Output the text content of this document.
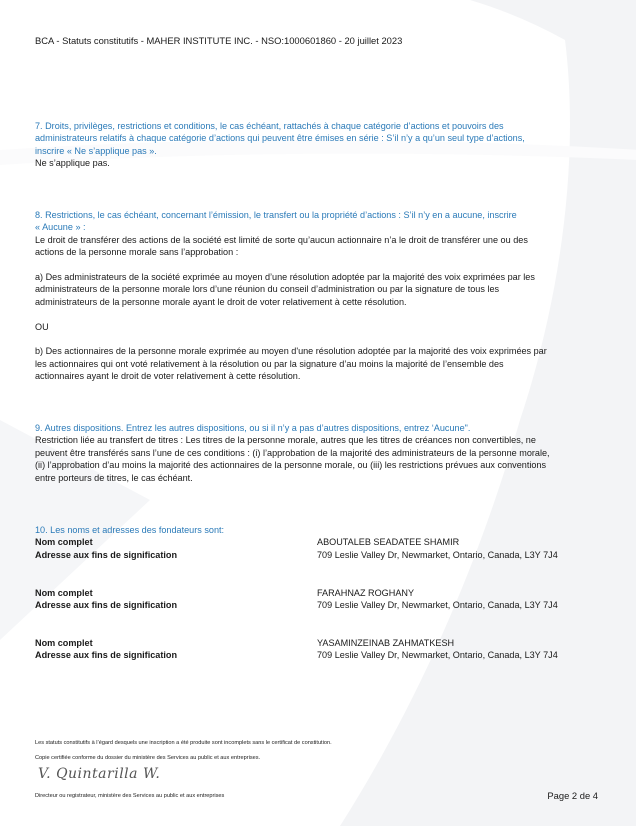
BCA - Statuts constitutifs - MAHER INSTITUTE INC. - NSO:1000601860 - 20 juillet 2023
7. Droits, privilèges, restrictions et conditions, le cas échéant, rattachés à chaque catégorie d’actions et pouvoirs des
administrateurs relatifs à chaque catégorie d’actions qui peuvent être émises en série : S’il n’y a qu’un seul type d’actions,
inscrire « Ne s’applique pas ».
Ne s’applique pas.
8. Restrictions, le cas échéant, concernant l’émission, le transfert ou la propriété d’actions : S’il n’y en a aucune, inscrire
« Aucune » :
Le droit de transférer des actions de la société est limité de sorte qu’aucun actionnaire n’a le droit de transférer une ou des
actions de la personne morale sans l’approbation :
a) Des administrateurs de la société exprimée au moyen d’une résolution adoptée par la majorité des voix exprimées par les
administrateurs de la personne morale lors d’une réunion du conseil d’administration ou par la signature de tous les
administrateurs de la personne morale ayant le droit de voter relativement à cette résolution.
OU
b) Des actionnaires de la personne morale exprimée au moyen d'une résolution adoptée par la majorité des voix exprimées par
les actionnaires qui ont voté relativement à la résolution ou par la signature d’au moins la majorité de l’ensemble des
actionnaires ayant le droit de voter relativement à cette résolution.
9. Autres dispositions. Entrez les autres dispositions, ou si il n’y a pas d’autres dispositions, entrez ‘Aucune".
Restriction liée au transfert de titres : Les titres de la personne morale, autres que les titres de créances non convertibles, ne
peuvent être transférés sans l’une de ces conditions : (i) l’approbation de la majorité des administrateurs de la personne morale,
(ii) l’approbation d’au moins la majorité des actionnaires de la personne morale, ou (iii) les restrictions prévues aux conventions
entre porteurs de titres, le cas échéant.
10. Les noms et adresses des fondateurs sont:
Nom complet	ABOUTALEB SEADATEE SHAMIR
Adresse aux fins de signification	709 Leslie Valley Dr, Newmarket, Ontario, Canada, L3Y 7J4
Nom complet	FARAHNAZ ROGHANY
Adresse aux fins de signification	709 Leslie Valley Dr, Newmarket, Ontario, Canada, L3Y 7J4
Nom complet	YASAMINZEINAB ZAHMATKESH
Adresse aux fins de signification	709 Leslie Valley Dr, Newmarket, Ontario, Canada, L3Y 7J4
Les statuts constitutifs à l’égard desquels une inscription a été produite sont incomplets sans le certificat de constitution.
Copie certifiée conforme du dossier du ministère des Services au public et aux entreprises.
V. Quintarilla W.
Directeur ou registrateur, ministère des Services au public et aux entreprises	Page 2 de 4
